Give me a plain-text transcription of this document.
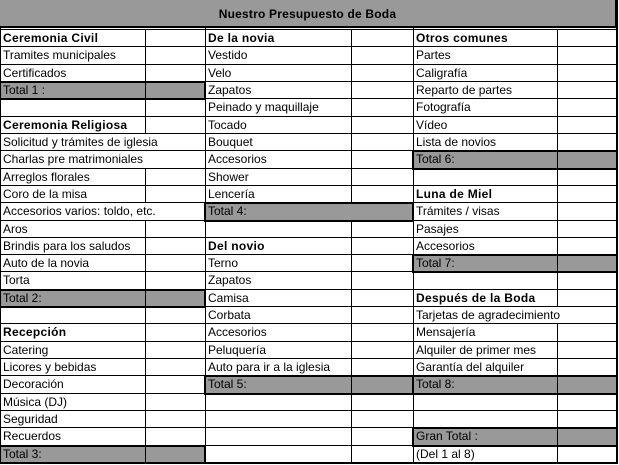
Ceremonia Civil
Tramites municipales
Certificados
Total 1 :
Ceremonia Religiosa
Solicitud y trámites de iglesia
Charlas pre matrimoniales
Arreglos florales
Coro de la misa
Accesorios varios: toldo, etc.
Aros
Brindis para los saludos
Auto de la novia
Torta
Total 2:
Recepción
Catering
Licores y bebidas
Decoración
Música (DJ)
Seguridad
Recuerdos
Total 3:
De la novia
Vestido
Velo
Zapatos
Peinado y maquillaje
Tocado
Bouquet
Accesorios
Shower
Lencería
Total 4:
Del novio
Terno
Zapatos
Camisa
Corbata
Accesorios
Peluquería
Auto para ir a la iglesia
Total 5:
Otros comunes
Partes
Caligrafía
Reparto de partes
Fotografía
Vídeo
Lista de novios
Total 6:
Luna de Miel
Trámites / visas
Pasajes
Accesorios
Total 7:
Después de la Boda
Tarjetas de agradecimiento
Mensajería
Alquiler de primer mes
Garantía del alquiler
Total 8:
Gran Total :
(Del 1 al 8)
Nuestro Presupuesto de Boda
